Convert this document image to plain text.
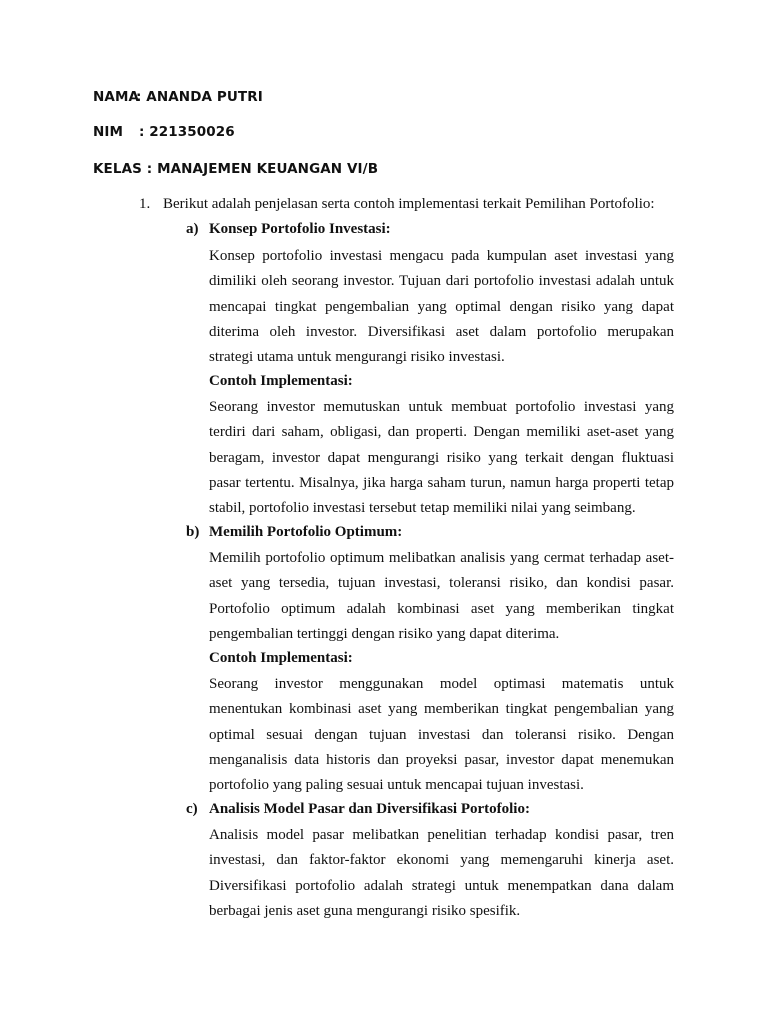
NAMA: ANANDA PUTRI
NIM : 221350026
KELAS : MANAJEMEN KEUANGAN VI/B
1. Berikut adalah penjelasan serta contoh implementasi terkait Pemilihan Portofolio:
a) Konsep Portofolio Investasi:

Konsep portofolio investasi mengacu pada kumpulan aset investasi yang dimiliki oleh seorang investor. Tujuan dari portofolio investasi adalah untuk mencapai tingkat pengembalian yang optimal dengan risiko yang dapat diterima oleh investor. Diversifikasi aset dalam portofolio merupakan strategi utama untuk mengurangi risiko investasi.

Contoh Implementasi:

Seorang investor memutuskan untuk membuat portofolio investasi yang terdiri dari saham, obligasi, dan properti. Dengan memiliki aset-aset yang beragam, investor dapat mengurangi risiko yang terkait dengan fluktuasi pasar tertentu. Misalnya, jika harga saham turun, namun harga properti tetap stabil, portofolio investasi tersebut tetap memiliki nilai yang seimbang.

b) Memilih Portofolio Optimum:

Memilih portofolio optimum melibatkan analisis yang cermat terhadap aset-aset yang tersedia, tujuan investasi, toleransi risiko, dan kondisi pasar. Portofolio optimum adalah kombinasi aset yang memberikan tingkat pengembalian tertinggi dengan risiko yang dapat diterima.

Contoh Implementasi:

Seorang investor menggunakan model optimasi matematis untuk menentukan kombinasi aset yang memberikan tingkat pengembalian yang optimal sesuai dengan tujuan investasi dan toleransi risiko. Dengan menganalisis data historis dan proyeksi pasar, investor dapat menemukan portofolio yang paling sesuai untuk mencapai tujuan investasi.

c) Analisis Model Pasar dan Diversifikasi Portofolio:

Analisis model pasar melibatkan penelitian terhadap kondisi pasar, tren investasi, dan faktor-faktor ekonomi yang memengaruhi kinerja aset. Diversifikasi portofolio adalah strategi untuk menempatkan dana dalam berbagai jenis aset guna mengurangi risiko spesifik.
